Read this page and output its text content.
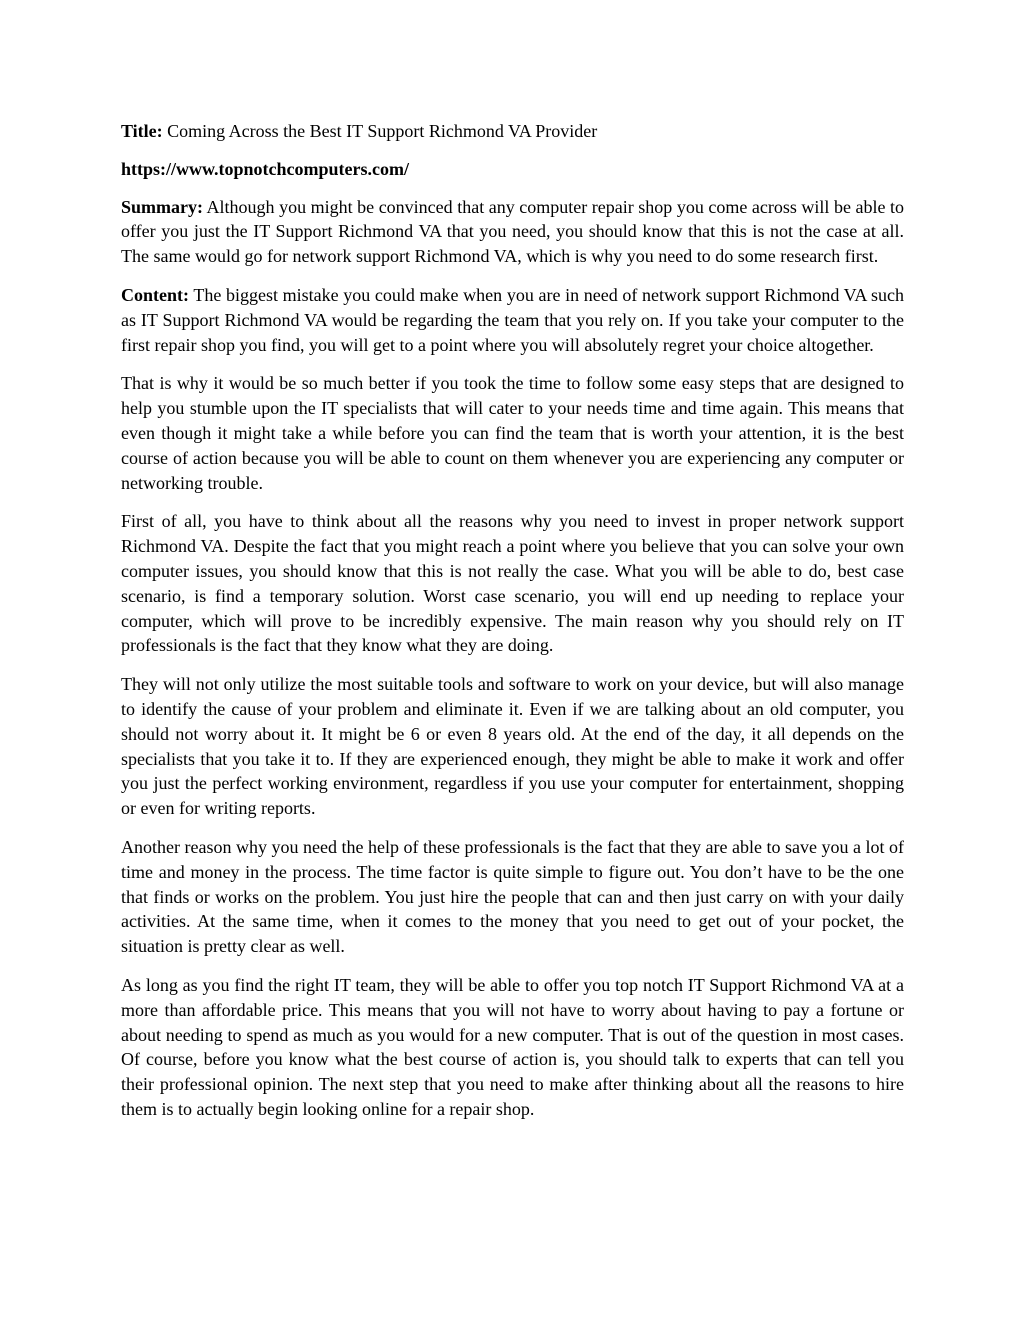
Title: Coming Across the Best IT Support Richmond VA Provider

https://www.topnotchcomputers.com/

Summary: Although you might be convinced that any computer repair shop you come across will be able to offer you just the IT Support Richmond VA that you need, you should know that this is not the case at all. The same would go for network support Richmond VA, which is why you need to do some research first.

Content: The biggest mistake you could make when you are in need of network support Richmond VA such as IT Support Richmond VA would be regarding the team that you rely on. If you take your computer to the first repair shop you find, you will get to a point where you will absolutely regret your choice altogether.

That is why it would be so much better if you took the time to follow some easy steps that are designed to help you stumble upon the IT specialists that will cater to your needs time and time again. This means that even though it might take a while before you can find the team that is worth your attention, it is the best course of action because you will be able to count on them whenever you are experiencing any computer or networking trouble.

First of all, you have to think about all the reasons why you need to invest in proper network support Richmond VA. Despite the fact that you might reach a point where you believe that you can solve your own computer issues, you should know that this is not really the case. What you will be able to do, best case scenario, is find a temporary solution. Worst case scenario, you will end up needing to replace your computer, which will prove to be incredibly expensive. The main reason why you should rely on IT professionals is the fact that they know what they are doing.

They will not only utilize the most suitable tools and software to work on your device, but will also manage to identify the cause of your problem and eliminate it. Even if we are talking about an old computer, you should not worry about it. It might be 6 or even 8 years old. At the end of the day, it all depends on the specialists that you take it to. If they are experienced enough, they might be able to make it work and offer you just the perfect working environment, regardless if you use your computer for entertainment, shopping or even for writing reports.

Another reason why you need the help of these professionals is the fact that they are able to save you a lot of time and money in the process. The time factor is quite simple to figure out. You don’t have to be the one that finds or works on the problem. You just hire the people that can and then just carry on with your daily activities. At the same time, when it comes to the money that you need to get out of your pocket, the situation is pretty clear as well.

As long as you find the right IT team, they will be able to offer you top notch IT Support Richmond VA at a more than affordable price. This means that you will not have to worry about having to pay a fortune or about needing to spend as much as you would for a new computer. That is out of the question in most cases. Of course, before you know what the best course of action is, you should talk to experts that can tell you their professional opinion. The next step that you need to make after thinking about all the reasons to hire them is to actually begin looking online for a repair shop.
